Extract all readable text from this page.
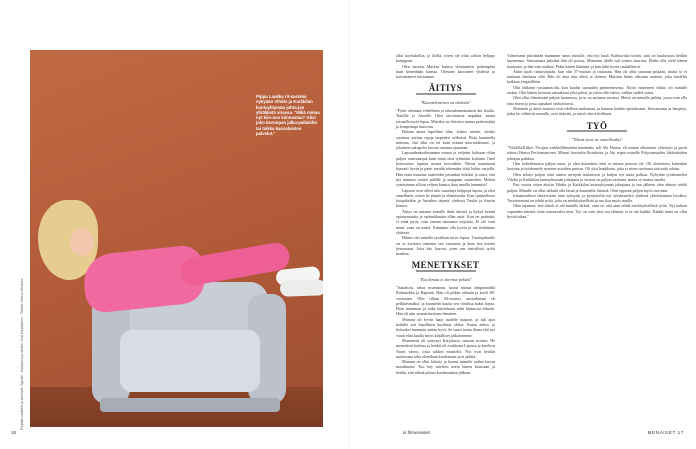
Pippa Laukka rit-sastelui nykyään Vihdin ja Karkkilan kuntayhtymän johta-jan yhtäläistä virassa. "Mikä minua nyt kiin-nos kiinnostaa? Olisi joko Euroopan jalka-pallokilto tai taikka kansalaisten palvelut."
Pippalla vaatteet ja asusteet: Sylvain · Kampaus ja meikki: Suvi Karjalainen · Tekstit: Sanna Sevänen

ollut koettuhellia, ja iltellä, rrtten ole ollut oilloin heljapo kumppani.

Olen aurasut Markus kanssa viimisaiinsi poliempiän kuin kenenhään kanssa. Olemme kasvaneet yhdessä ja kasvattaneet toisiamme.

ÄITIYS
"Kuunteleminen on tärkeää"

"Pyrin olemaan vehellinen ja oikeudenmukainen äiti lisullo, Tuulille ja Anselle. Olen tarvittaessa napakka, mutta toisaalla myös lepsu. Mietiksi on löitstiva minua perheentiijä ja lempeämpi haavoitu.

Haluan antaa lapsilleni tilaa. Joskus mietin, olenko suostuut asettaa rajoja tarpeeksi selkeästi. Pitää kuunnella muistaa, että aika on eri kuin minun nuoruudessani, ja jokainen sukupolvi luovaa omansa ajansaan.

Lapsuudenkodissamme minua ja veljeäni kohtaan oltiin paljon vaativampia kuin minä olen tyttäriäni kohtaan. Onel kotoisiasse lapsina monia kertotähin. Vihsas mummoni kasvatti hyvin ja paini meidät tekemään töitä leikin varjolla. Hän osasi muuttaa vaatteiden pesunkin leikiksi ja osasi, että nyt mummi vastiet pälälle ja uuippaan vaatteiden. Mekän syntisimme silloin veljeni kanssa ihan innolla hommiin!

Lapseni ovat olleet niin sanottuja helppoja lapsia, ja olen onnellinen, miten he pärjää ja elämässään. Kun opiskellessa koopaksikin ja Anssikin täynnä, yhdessä Tuulin ja Anssin kanssa.

Äitiys on antanut minulle ihala äitiyttä ja kykyä kestää epävarmuutta ja epätarkkuutta ellän asiat. Kun on perheitä, ei enää pysty vain omaan navaansa tuijottaa. Ei ole vain minä, vaan on meitä. Kannatan olla hyvin ja me tiedämme yhdessä.

Hänen olet minulle tavallaan myös lapsia. Tuuttajuhuulle on se asettava vaatenia sen vastausta ja kuin itse asioita kertomaan. Joka käy kasvaa, joten sen täsivälistä syötä mankaa.

MENETYKSET
"Kuolemaa ei tarvitse pelätä"

"Isänäitini, rakas mummoni, kuoui minua lempinimillä Ruhusirkka ja Räpsinä. Hän oli pitkän elämän ja kuoli 80-vuotiaana. Olin silloin 20-vuotias, ansiotkutani oli pellittäväsäksi, ja kuuntelin kautta sen vihdissa kaksi kirjaa. Hoin mummon ja enkä kuitenkaan enää kiinnosta elämää. Hän oli niin ymmärtäväinen ihminen.

Mummi oli hyvin laaja uudelle naapuri, ja tuli ajaa kaikilla sen lopullinen kuolema ohitse. Kuten auttui, ja hoitaaksi mummin auttan hyvä. Se sanoi tuona iltana että nyt vaarti elää kuulla myös kirjalliset jalkaisemme.

Mummoni oli syntynyt Karjalassa, samoin isoisini. He menettivät kotinsa ja heidät oli evakkona Lapissa ja kuolivat Nuori vaimo, josta tulikin muistella. Nyt ovat heidän tuottavana sekä oletellaan kuolemaan ja ei pelätä.

Mummi on ollut kiitetty ja luonut minulle uuden kuvan maailmasta. Tuo käy mieleen usein hänen kanssaan ja tiedän, että elämä jatkuu kuolemankin jälkeen.

Viimeisenä päivänään mummini sanoi minulle, että nyt kuoli Kuhsuviitta kotiin, sinä on kuuluisiasi heidän huomenna. Seuraavana päivänä hän oli poissa. Mummin tilalle tuli toinen sisaruus. Ehdin olla vielä hänen kanssaan, ja hän vain nukkui. Pidin hänen kättänsä, ja hän lähti hyvin rauhallisesti.

Äitini kuoli rintasyöpään, kun olin 37-vuotias ja raskaana. Hän oli ollut sairaana pitkään, mutta se ei tuntunut lainkaan siltä. Hän oli aina niin elävä ja iloinen. Muistan hänet vahvana naisena, joka huolehti kaikista ympärillään.

Olin lääkärin vastaanotolla, kun kuulin sairauden pahenemisesta. Äitini viimeinen viikko oli minulle raskas. Olin hänen luonaan sairaalassa joka päivä, ja yritin olla vahva, vaikka sisältä sattui.

Olen ollut elämässäni paljon luonnossa, ja se on auttanut surussa. Metsä on minulle paikka, jossa voin olla oma itseni ja jossa ajatukset rauhoittuvat.

Mummin ja äitini muistot ovat edelleen mukanani, ja kannan heidän opetuksiaan. Itsevarmuus ja lempeys, jotka he välittivät minulle, ovat tärkeitä, ja niistä olen kiitollinen.

TYÖ
"Tiheät sivut ne onnellisaksi"

"Vihdilla/Kilkei, Pivujan varhkiölläminäni tunnetaho tuli Aki Hintsa, eli minun alkoimme yhteistyö ja pyrin tohtori Hintsa Performanceen. Minusi hoviselin Ihrtuksiin, ja Aki teipui minulle Pohjoismaiden liikkeitöiden johtajan paikkaa.

Olin kokeilemassa paljon uutta, ja olen kuitenkin, ettei se minun perusta ole. Oli aloitettava kuitenkin luotsata ja työskentely monien asioiden parissa. Oli yksi hankkeita, joka ei sitten tuottanut sitä mitä odotin.

Olen tehnyt paljon töitä omien arvojeni mukaisesti ja kuljen nyt uutta polkua. Nykyään työskentelen Vihdin ja Karkkilan kuntayhtymän johtajana ja virassa on paljon vastuuta, mutta se tuntuu omalta.

Pari vuotta sitten aloitin Vihdin ja Karkkilan kuntayhtymän johtajana ja sen jälkeen olen ehtinyt tehdä paljon. Minulle on ollut tärkeää olla läsnä ja kuunnella ihmisiä. Olen oppinut paljon myös itsestäni.

Irtisanoudutin tehtävistäni tänä syksynä, ja pysäyttelin nyt työskentelyä yhdessä yhteiskunnan hyväksi. Tavoitteenani on tehdä työtä, joka on merkityksellistä ja tuo iloa myös muille.

Olen tajunnut, että tiitteli ei ole minulle tärkeä, vaan se, että saan tehdä merkityksellistä työtä. Nyt haluan vapauden miettiä, mitä seuraavaksi teen. Työ on vain yksi osa elämää, ei se ole kaikki. Kaikki tämä on ollut hyvää aikaa."

16	is.fi/menaiset	MENAISET 17
